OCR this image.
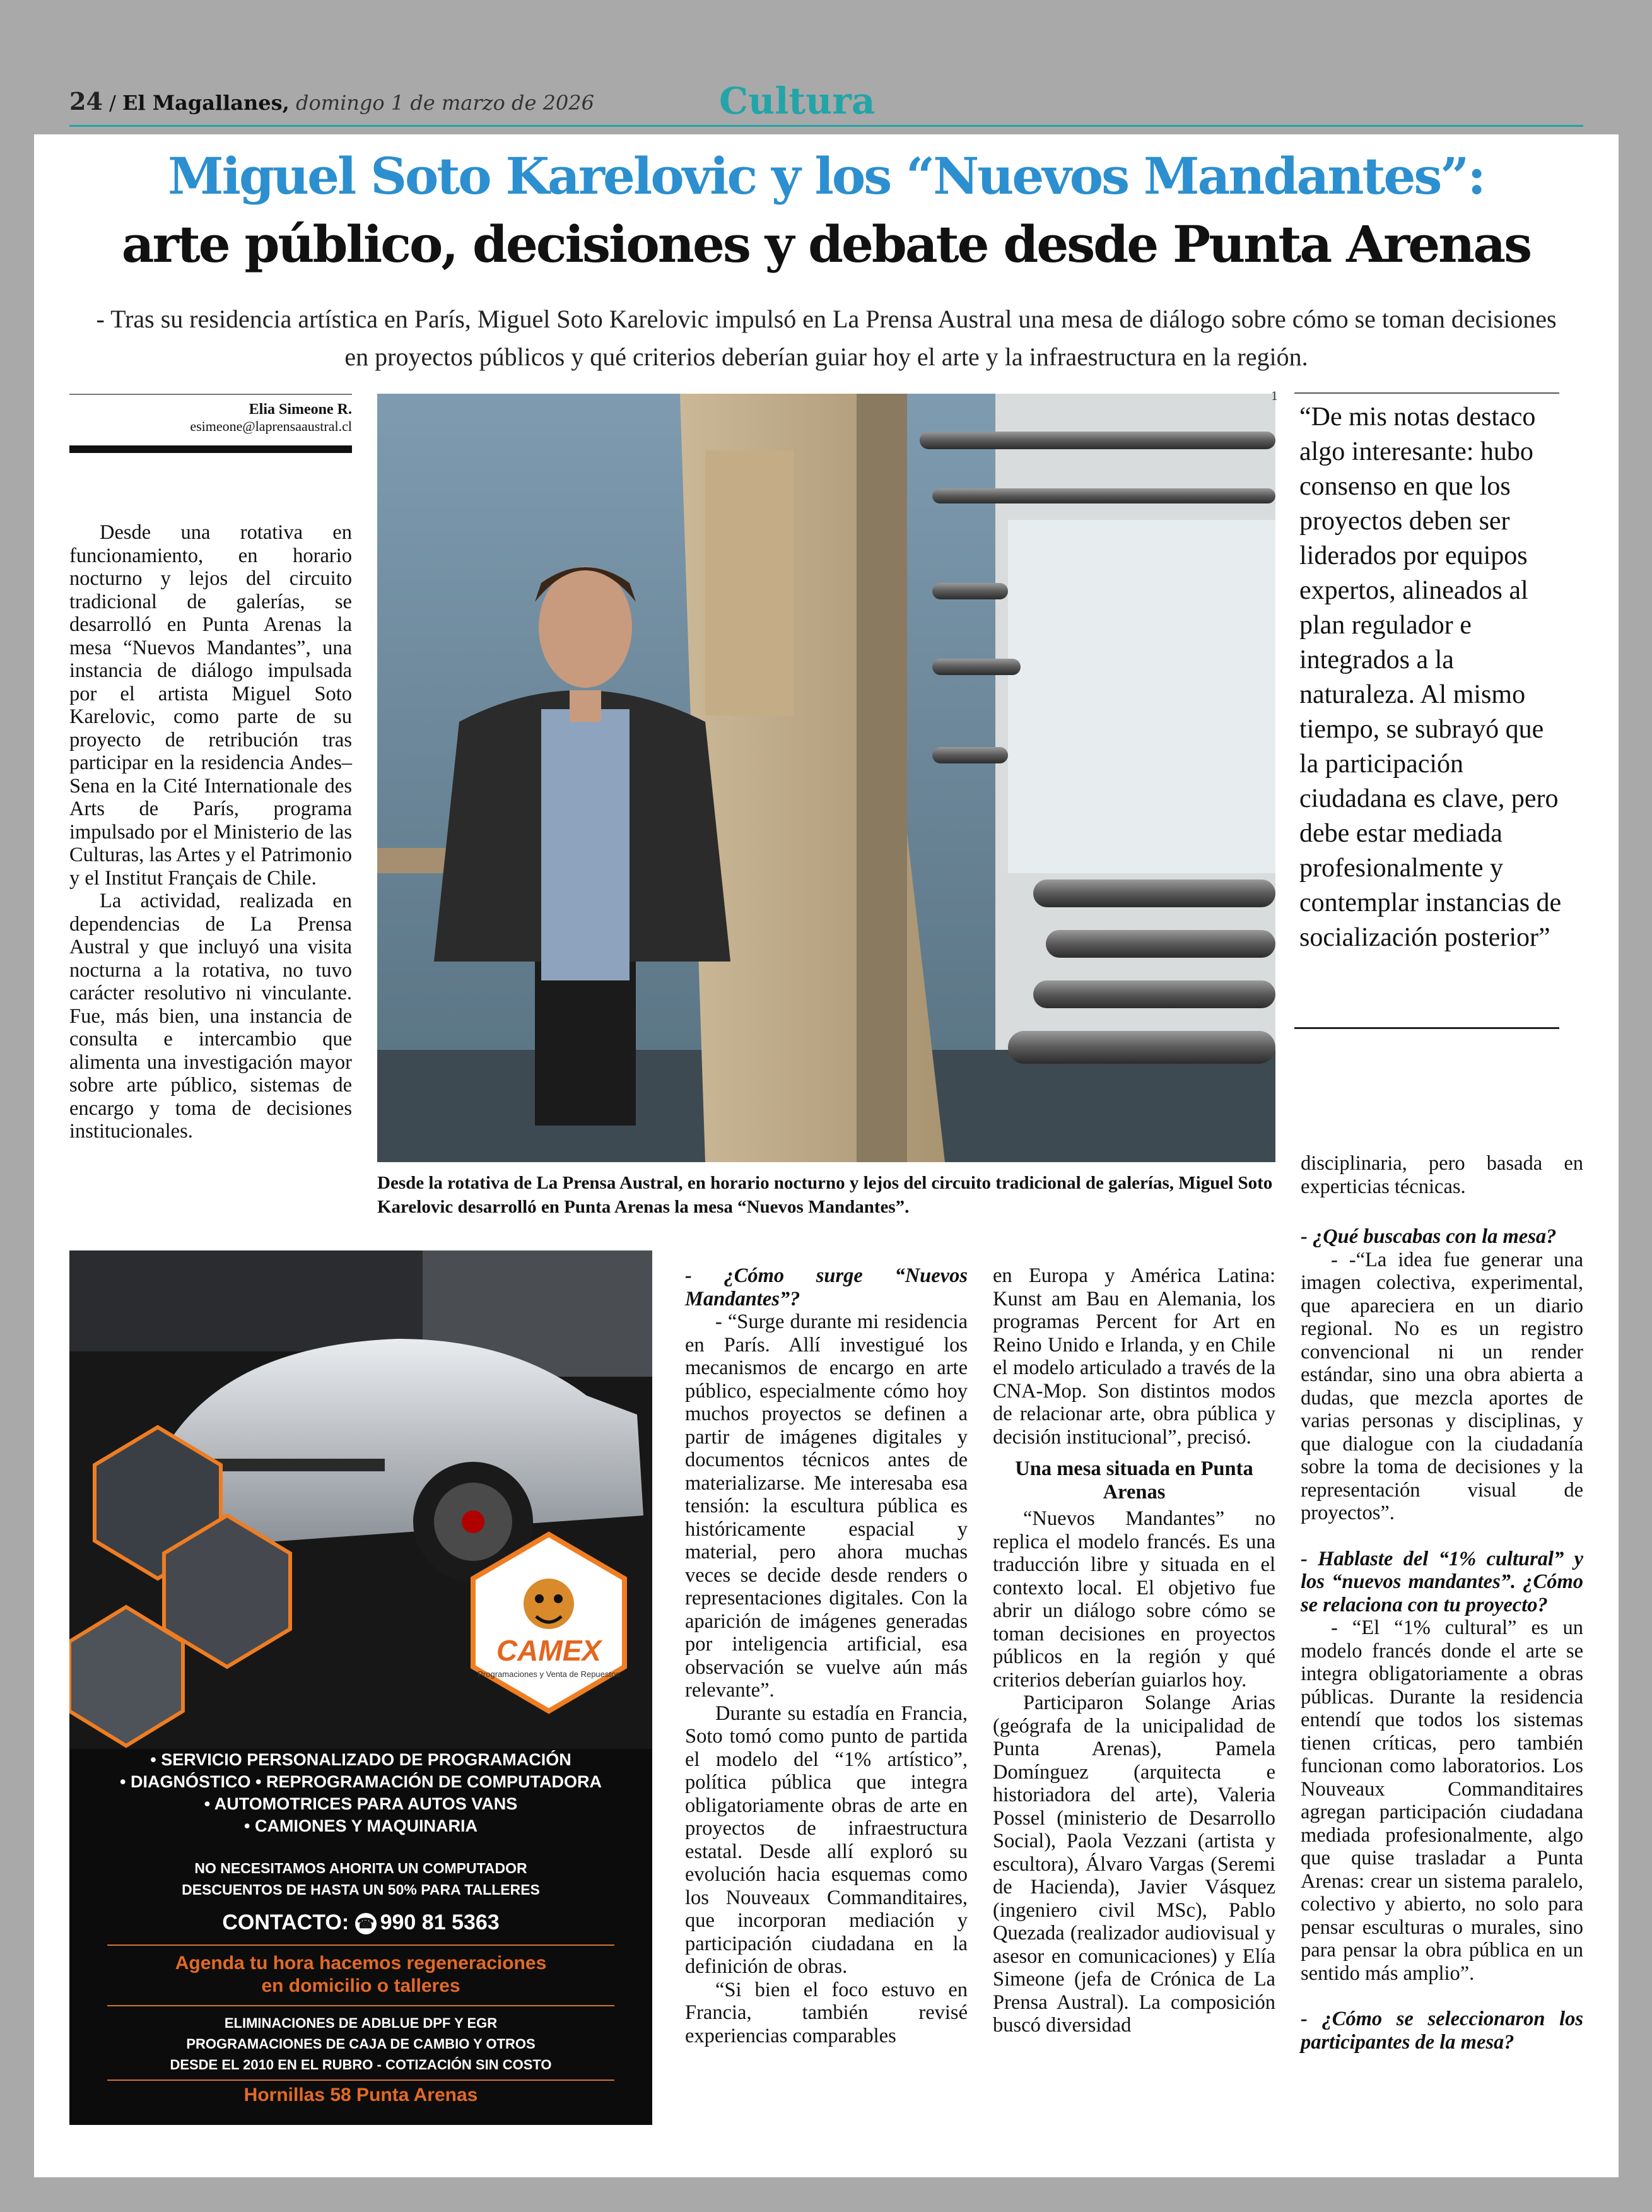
24 / El Magallanes, domingo 1 de marzo de 2026	Cultura
Miguel Soto Karelovic y los “Nuevos Mandantes”:
arte público, decisiones y debate desde Punta Arenas
- Tras su residencia artística en París, Miguel Soto Karelovic impulsó en La Prensa Austral una mesa de diálogo sobre cómo se toman decisiones en proyectos públicos y qué criterios deberían guiar hoy el arte y la infraestructura en la región.
Elia Simeone R.
esimeone@laprensaaustral.cl

Desde una rotativa en funcionamiento, en horario nocturno y lejos del circuito tradicional de galerías, se desarrolló en Punta Arenas la mesa “Nuevos Mandantes”, una instancia de diálogo impulsada por el artista Miguel Soto Karelovic, como parte de su proyecto de retribución tras participar en la residencia Andes–Sena en la Cité Internationale des Arts de París, programa impulsado por el Ministerio de las Culturas, las Artes y el Patrimonio y el Institut Français de Chile.

La actividad, realizada en dependencias de La Prensa Austral y que incluyó una visita nocturna a la rotativa, no tuvo carácter resolutivo ni vinculante. Fue, más bien, una instancia de consulta e intercambio que alimenta una investigación mayor sobre arte público, sistemas de encargo y toma de decisiones institucionales.

Desde la rotativa de La Prensa Austral, en horario nocturno y lejos del circuito tradicional de galerías, Miguel Soto Karelovic desarrolló en Punta Arenas la mesa “Nuevos Mandantes”.
1
“De mis notas destaco algo interesante: hubo consenso en que los proyectos deben ser liderados por equipos expertos, alineados al plan regulador e integrados a la naturaleza. Al mismo tiempo, se subrayó que la participación ciudadana es clave, pero debe estar mediada profesionalmente y contemplar instancias de socialización posterior”

disciplinaria, pero basada en experticias técnicas.

- ¿Qué buscabas con la mesa?

- -“La idea fue generar una imagen colectiva, experimental, que apareciera en un diario regional. No es un registro convencional ni un render estándar, sino una obra abierta a dudas, que mezcla aportes de varias personas y disciplinas, y que dialogue con la ciudadanía sobre la toma de decisiones y la representación visual de proyectos”.

- Hablaste del “1% cultural” y los “nuevos mandantes”. ¿Cómo se relaciona con tu proyecto?

- “El “1% cultural” es un modelo francés donde el arte se integra obligatoriamente a obras públicas. Durante la residencia entendí que todos los sistemas tienen críticas, pero también funcionan como laboratorios. Los Nouveaux Commanditaires agregan participación ciudadana mediada profesionalmente, algo que quise trasladar a Punta Arenas: crear un sistema paralelo, colectivo y abierto, no solo para pensar esculturas o murales, sino para pensar la obra pública en un sentido más amplio”.

- ¿Cómo se seleccionaron los participantes de la mesa?

- ¿Cómo surge “Nuevos Mandantes”?

- “Surge durante mi residencia en París. Allí investigué los mecanismos de encargo en arte público, especialmente cómo hoy muchos proyectos se definen a partir de imágenes digitales y documentos técnicos antes de materializarse. Me interesaba esa tensión: la escultura pública es históricamente espacial y material, pero ahora muchas veces se decide desde renders o representaciones digitales. Con la aparición de imágenes generadas por inteligencia artificial, esa observación se vuelve aún más relevante”.

Durante su estadía en Francia, Soto tomó como punto de partida el modelo del “1% artístico”, política pública que integra obligatoriamente obras de arte en proyectos de infraestructura estatal. Desde allí exploró su evolución hacia esquemas como los Nouveaux Commanditaires, que incorporan mediación y participación ciudadana en la definición de obras.

“Si bien el foco estuvo en Francia, también revisé experiencias comparables

en Europa y América Latina: Kunst am Bau en Alemania, los programas Percent for Art en Reino Unido e Irlanda, y en Chile el modelo articulado a través de la CNA-Mop. Son distintos modos de relacionar arte, obra pública y decisión institucional”, precisó.

Una mesa situada en Punta Arenas

“Nuevos Mandantes” no replica el modelo francés. Es una traducción libre y situada en el contexto local. El objetivo fue abrir un diálogo sobre cómo se toman decisiones en proyectos públicos en la región y qué criterios deberían guiarlos hoy.

Participaron Solange Arias (geógrafa de la unicipalidad de Punta Arenas), Pamela Domínguez (arquitecta e historiadora del arte), Valeria Possel (ministerio de Desarrollo Social), Paola Vezzani (artista y escultora), Álvaro Vargas (Seremi de Hacienda), Javier Vásquez (ingeniero civil MSc), Pablo Quezada (realizador audiovisual y asesor en comunicaciones) y Elía Simeone (jefa de Crónica de La Prensa Austral). La composición buscó diversidad

CAMEX
Programaciones y Venta de Repuestos
• SERVICIO PERSONALIZADO DE PROGRAMACIÓN
• DIAGNÓSTICO • REPROGRAMACIÓN DE COMPUTADORA
• AUTOMOTRICES PARA AUTOS VANS
• CAMIONES Y MAQUINARIA
NO NECESITAMOS AHORITA UN COMPUTADOR
DESCUENTOS DE HASTA UN 50% PARA TALLERES
CONTACTO: ☎ 990 81 5363
Agenda tu hora hacemos regeneraciones
en domicilio o talleres
ELIMINACIONES DE ADBLUE DPF Y EGR
PROGRAMACIONES DE CAJA DE CAMBIO Y OTROS
DESDE EL 2010 EN EL RUBRO - COTIZACIÓN SIN COSTO
Hornillas 58 Punta Arenas
